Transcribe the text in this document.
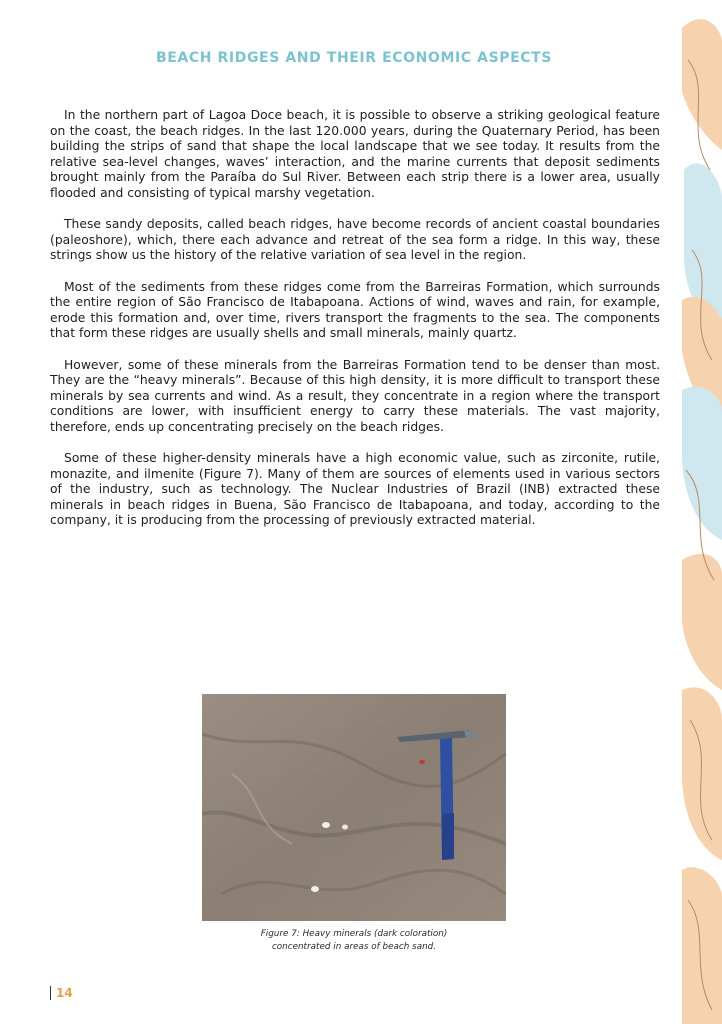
BEACH RIDGES AND THEIR ECONOMIC ASPECTS

In the northern part of Lagoa Doce beach, it is possible to observe a striking geological feature on the coast, the beach ridges. In the last 120.000 years, during the Quaternary Period, has been building the strips of sand that shape the local landscape that we see today. It results from the relative sea-level changes, waves’ interaction, and the marine currents that deposit sediments brought mainly from the Paraíba do Sul River. Between each strip there is a lower area, usually flooded and consisting of typical marshy vegetation.

These sandy deposits, called beach ridges, have become records of ancient coastal boundaries (paleoshore), which, there each advance and retreat of the sea form a ridge. In this way, these strings show us the history of the relative variation of sea level in the region.

Most of the sediments from these ridges come from the Barreiras Formation, which surrounds the entire region of São Francisco de Itabapoana. Actions of wind, waves and rain, for example, erode this formation and, over time, rivers transport the fragments to the sea. The components that form these ridges are usually shells and small minerals, mainly quartz.

However, some of these minerals from the Barreiras Formation tend to be denser than most. They are the “heavy minerals”. Because of this high density, it is more difficult to transport these minerals by sea currents and wind. As a result, they concentrate in a region where the transport conditions are lower, with insufficient energy to carry these materials. The vast majority, therefore, ends up concentrating precisely on the beach ridges.

Some of these higher-density minerals have a high economic value, such as zirconite, rutile, monazite, and ilmenite (Figure 7). Many of them are sources of elements used in various sectors of the industry, such as technology. The Nuclear Industries of Brazil (INB) extracted these minerals in beach ridges in Buena, São Francisco de Itabapoana, and today, according to the company, it is producing from the processing of previously extracted material.

Figure 7: Heavy minerals (dark coloration)
concentrated in areas of beach sand.
14
